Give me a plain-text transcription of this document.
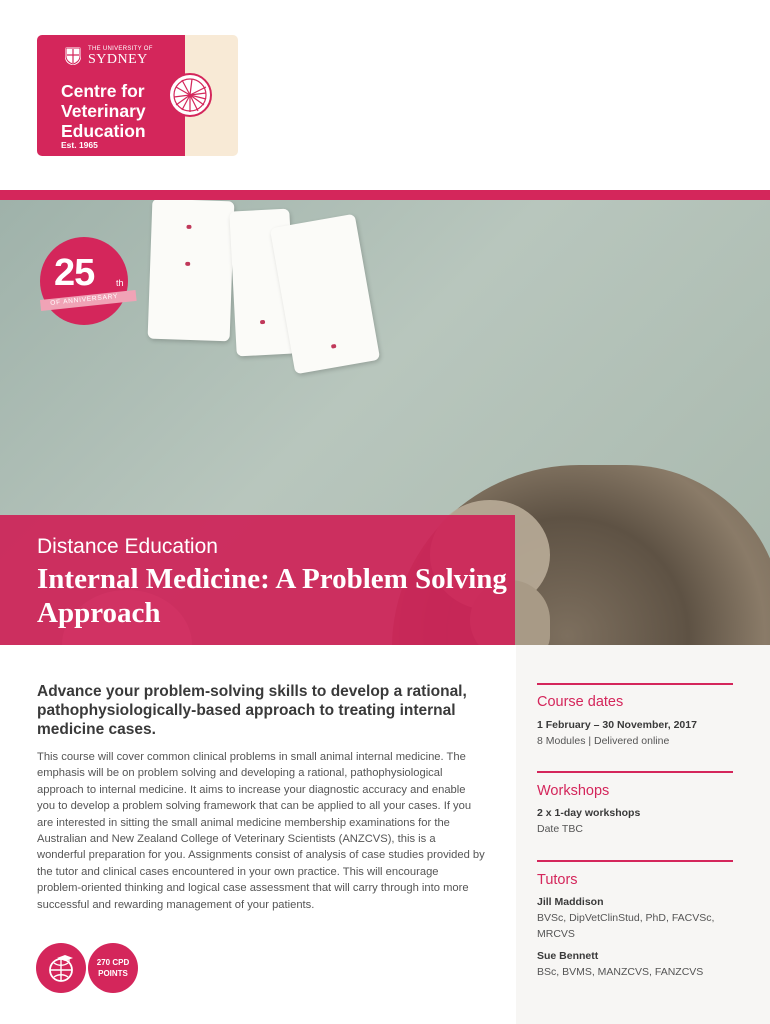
THE UNIVERSITY OF
SYDNEY
Centre for
Veterinary
Education
Est. 1965
25 th
OF ANNIVERSARY
Distance Education
Internal Medicine: A Problem Solving Approach
Advance your problem-solving skills to develop a rational, pathophysiologically-based approach to treating internal medicine cases.
This course will cover common clinical problems in small animal internal medicine. The emphasis will be on problem solving and developing a rational, pathophysiological approach to internal medicine. It aims to increase your diagnostic accuracy and enable you to develop a problem solving framework that can be applied to all your cases. If you are interested in sitting the small animal medicine membership examinations for the Australian and New Zealand College of Veterinary Scientists (ANZCVS), this is a wonderful preparation for you. Assignments consist of analysis of case studies provided by the tutor and clinical cases encountered in your own practice. This will encourage problem-oriented thinking and logical case assessment that will carry through into more successful and rewarding management of your patients.
270 CPD
POINTS
Course dates
1 February – 30 November, 2017
8 Modules | Delivered online
Workshops
2 x 1-day workshops
Date TBC
Tutors
Jill Maddison
BVSc, DipVetClinStud, PhD, FACVSc, MRCVS
Sue Bennett
BSc, BVMS, MANZCVS, FANZCVS
